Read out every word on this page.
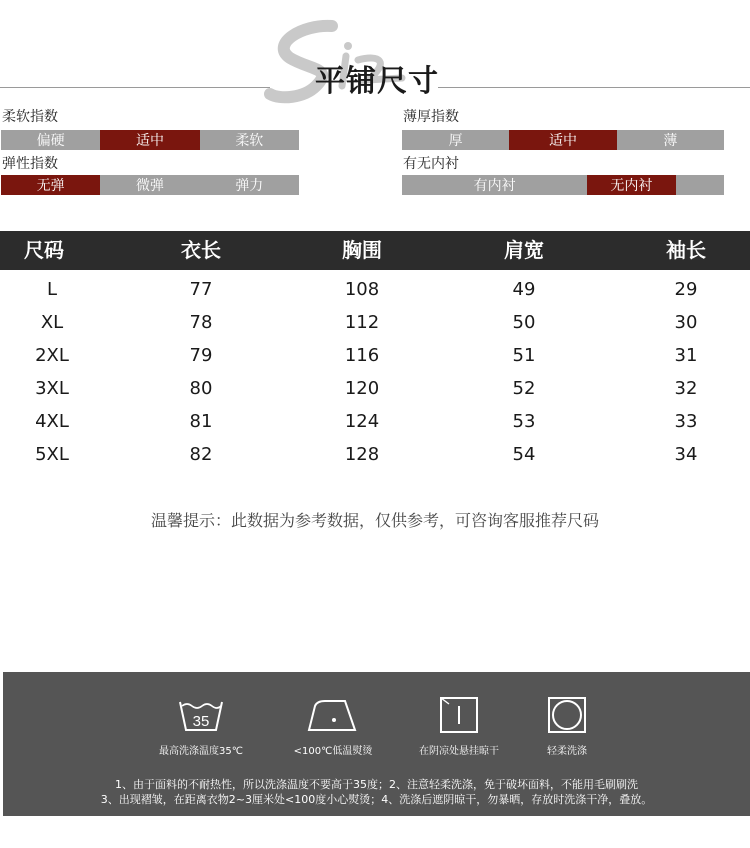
平铺尺寸
柔软指数
偏硬	适中	柔软
薄厚指数
厚	适中	薄
弹性指数
无弹	微弹	弹力
有无内衬
有内衬	无内衬
尺码	衣长	胸围	肩宽	袖长
L	77	108	49	29
XL	78	112	50	30
2XL	79	116	51	31
3XL	80	120	52	32
4XL	81	124	53	33
5XL	82	128	54	34
温馨提示：此数据为参考数据，仅供参考，可咨询客服推荐尺码
35
最高洗涤温度35℃	<100℃低温熨烫	在阴凉处悬挂晾干	轻柔洗涤
1、由于面料的不耐热性，所以洗涤温度不要高于35度；2、注意轻柔洗涤，免于破坏面料，不能用毛刷刷洗
3、出现褶皱，在距离衣物2~3厘米处<100度小心熨烫；4、洗涤后遮阴晾干，勿暴晒，存放时洗涤干净，叠放。
